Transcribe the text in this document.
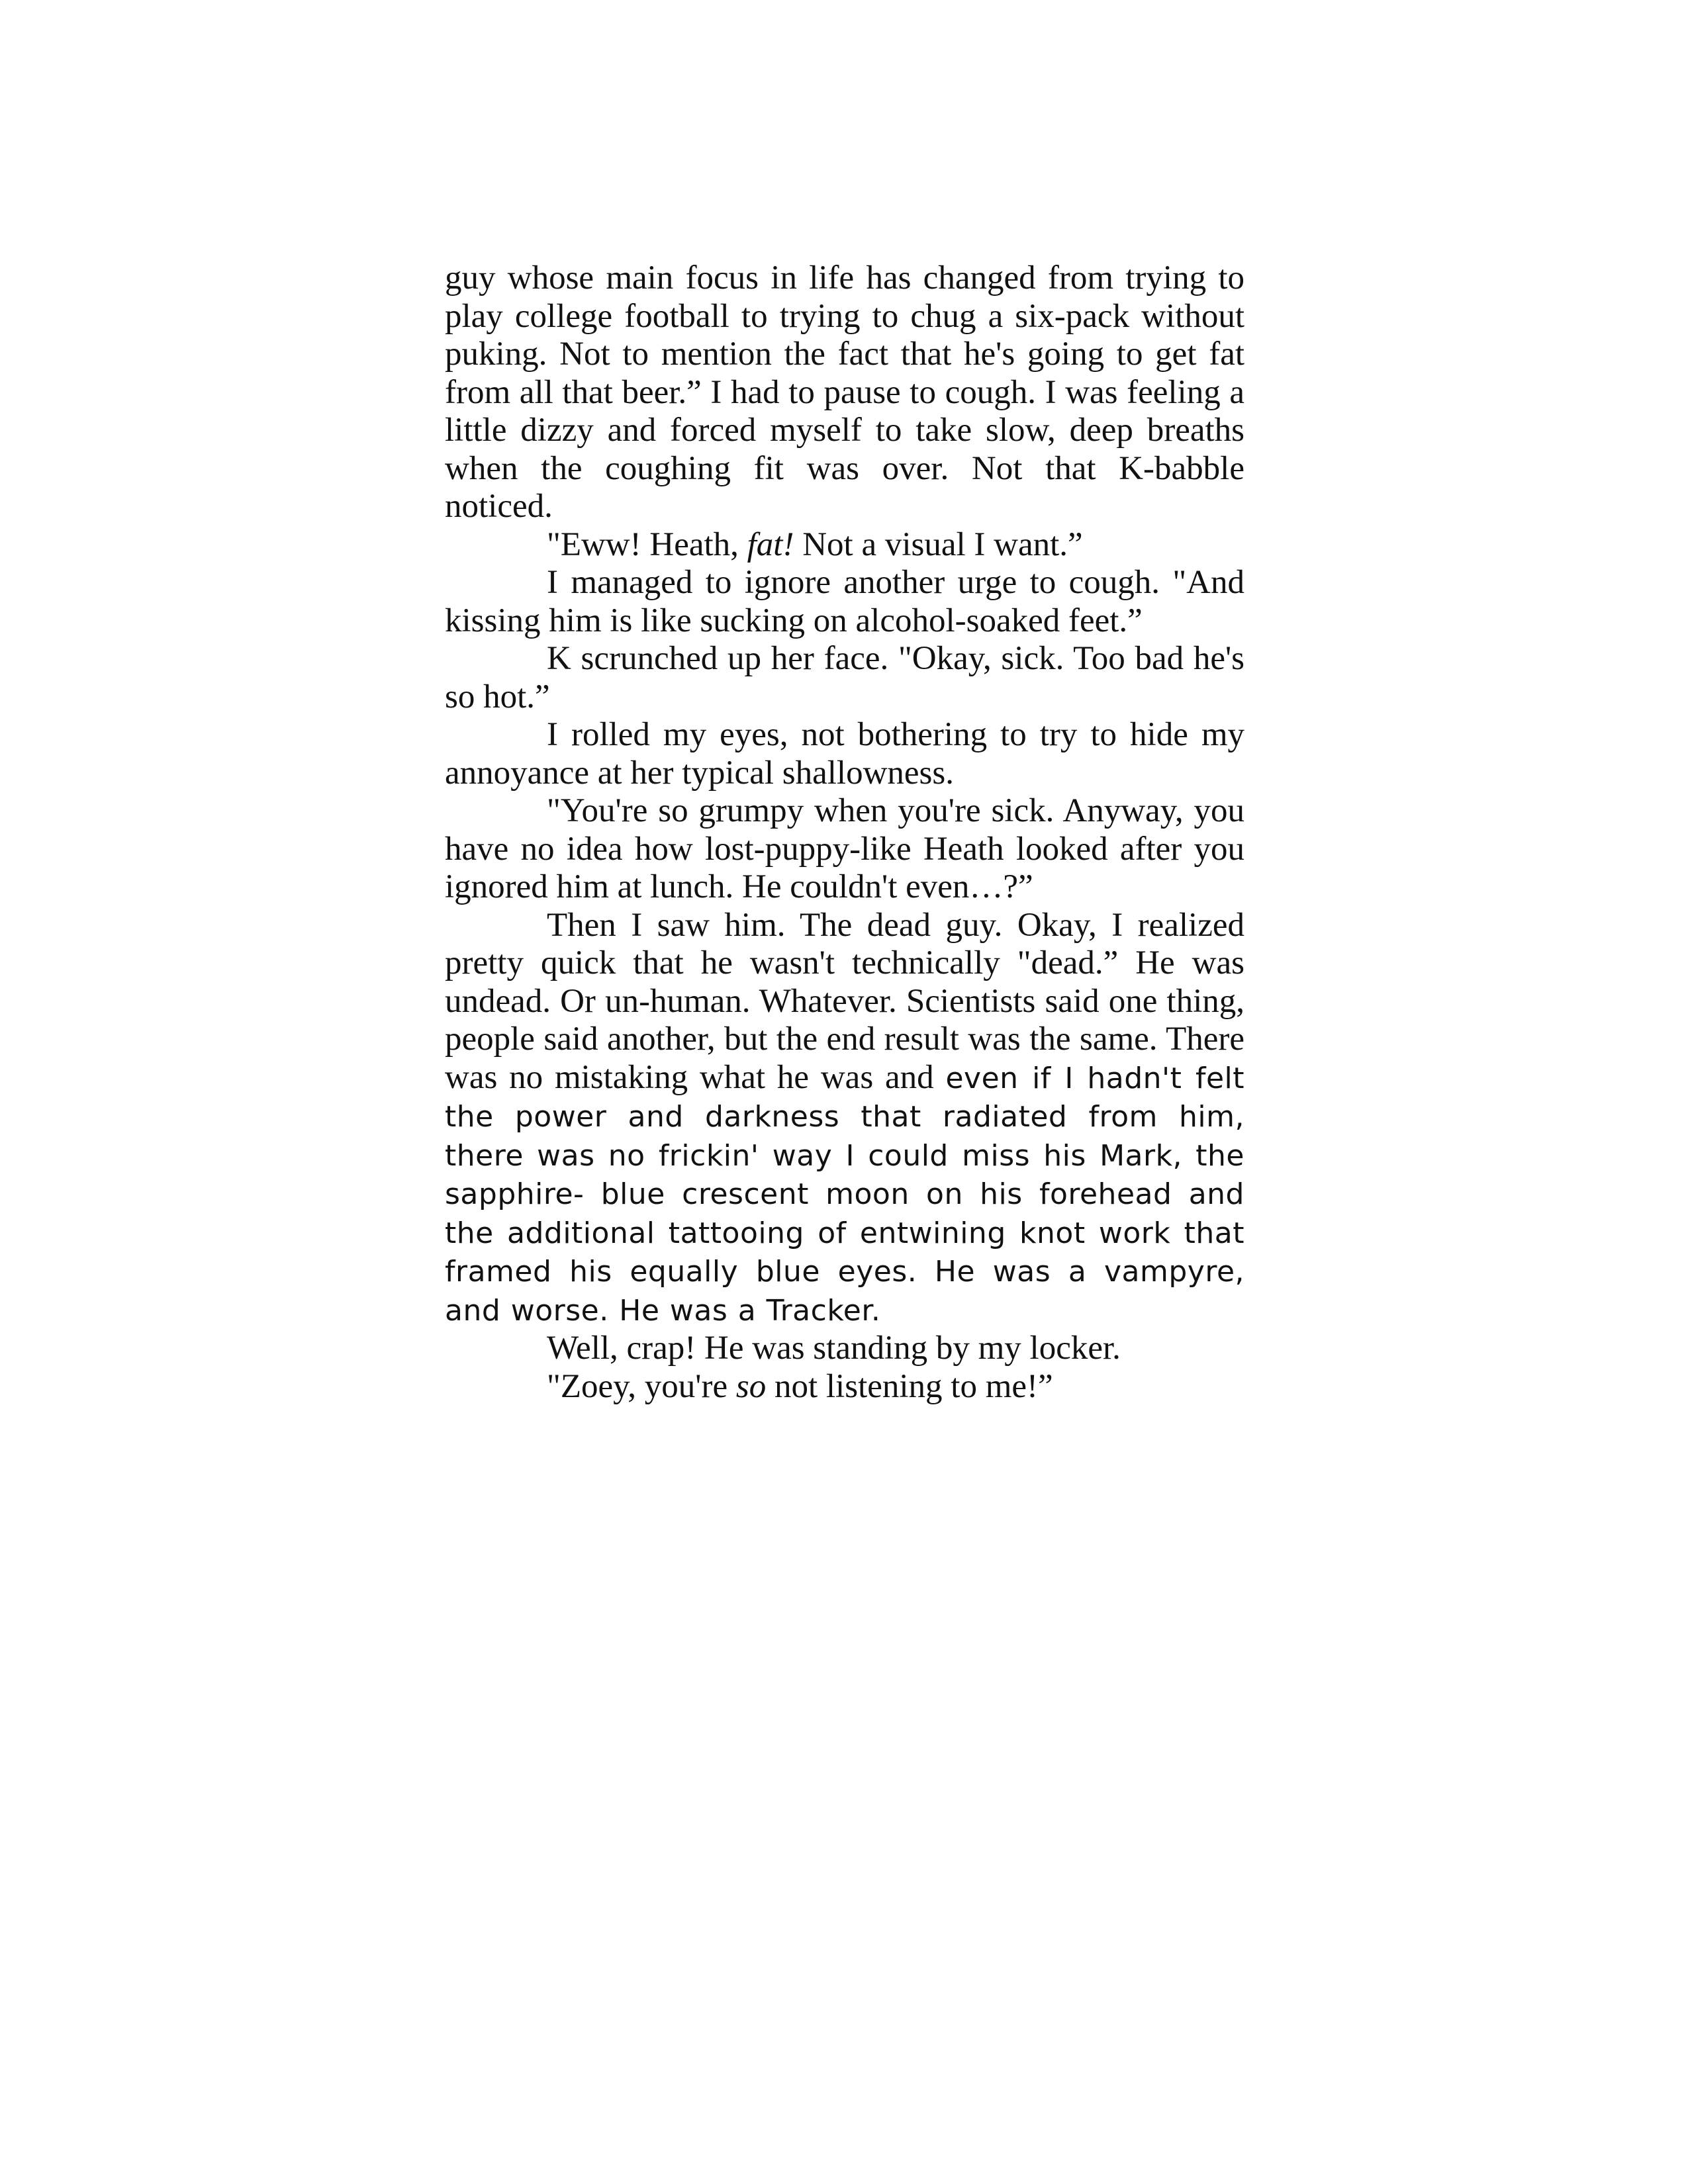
guy whose main focus in life has changed from trying to play college football to trying to chug a six-pack without puking. Not to mention the fact that he's going to get fat from all that beer.” I had to pause to cough. I was feeling a little dizzy and forced myself to take slow, deep breaths when the coughing fit was over. Not that K-babble noticed.

"Eww! Heath, fat! Not a visual I want.”

I managed to ignore another urge to cough. "And kissing him is like sucking on alcohol-soaked feet.”

K scrunched up her face. "Okay, sick. Too bad he's so hot.”

I rolled my eyes, not bothering to try to hide my annoyance at her typical shallowness.

"You're so grumpy when you're sick. Anyway, you have no idea how lost-puppy-like Heath looked after you ignored him at lunch. He couldn't even…?”

Then I saw him. The dead guy. Okay, I realized pretty quick that he wasn't technically "dead.” He was undead. Or un-human. Whatever. Scientists said one thing, people said another, but the end result was the same. There was no mistaking what he was and even if I hadn't felt the power and darkness that radiated from him, there was no frickin' way I could miss his Mark, the sapphire- blue crescent moon on his forehead and the additional tattooing of entwining knot work that framed his equally blue eyes. He was a vampyre, and worse. He was a Tracker.

Well, crap! He was standing by my locker.

"Zoey, you're so not listening to me!”
